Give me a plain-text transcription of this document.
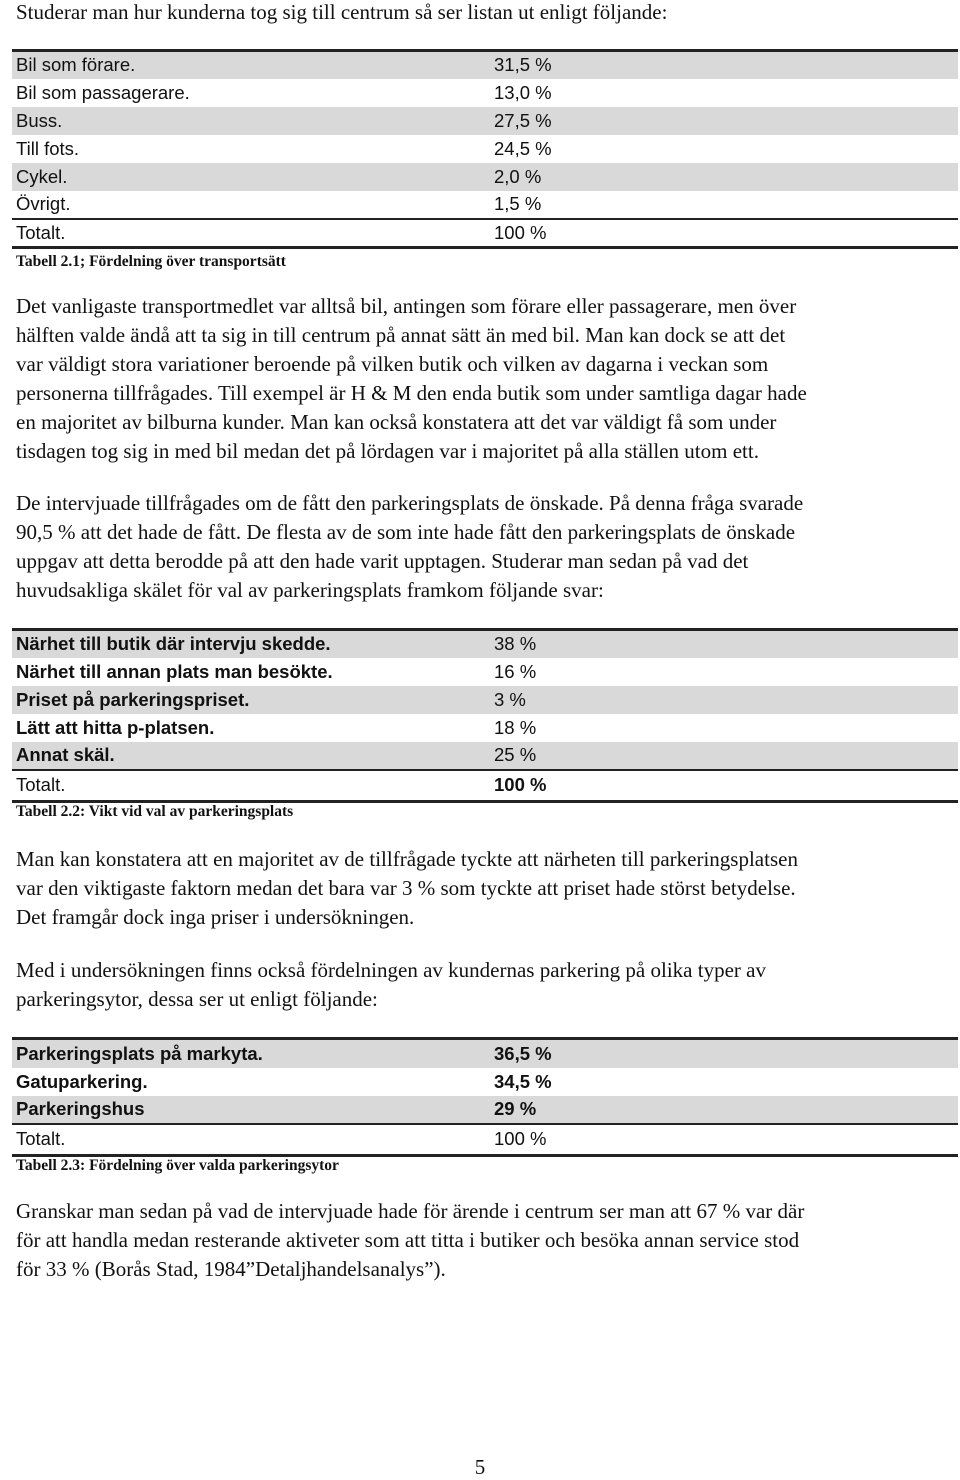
Studerar man hur kunderna tog sig till centrum så ser listan ut enligt följande:
Bil som förare.	31,5 %	
Bil som passagerare.	13,0 %	
Buss.	27,5 %	
Till fots.	24,5 %	
Cykel.	2,0 %	
Övrigt.	1,5 %	
Totalt.	100 %	
Tabell 2.1; Fördelning över transportsätt
Det vanligaste transportmedlet var alltså bil, antingen som förare eller passagerare, men över
hälften valde ändå att ta sig in till centrum på annat sätt än med bil. Man kan dock se att det
var väldigt stora variationer beroende på vilken butik och vilken av dagarna i veckan som
personerna tillfrågades. Till exempel är H & M den enda butik som under samtliga dagar hade
en majoritet av bilburna kunder. Man kan också konstatera att det var väldigt få som under
tisdagen tog sig in med bil medan det på lördagen var i majoritet på alla ställen utom ett.
De intervjuade tillfrågades om de fått den parkeringsplats de önskade. På denna fråga svarade
90,5 % att det hade de fått. De flesta av de som inte hade fått den parkeringsplats de önskade
uppgav att detta berodde på att den hade varit upptagen. Studerar man sedan på vad det
huvudsakliga skälet för val av parkeringsplats framkom följande svar:
Närhet till butik där intervju skedde.	38 %	
Närhet till annan plats man besökte.	16 %	
Priset på parkeringspriset.	3 %	
Lätt att hitta p-platsen.	18 %	
Annat skäl.	25 %	
Totalt.	100 %	
Tabell 2.2: Vikt vid val av parkeringsplats
Man kan konstatera att en majoritet av de tillfrågade tyckte att närheten till parkeringsplatsen
var den viktigaste faktorn medan det bara var 3 % som tyckte att priset hade störst betydelse.
Det framgår dock inga priser i undersökningen.
Med i undersökningen finns också fördelningen av kundernas parkering på olika typer av
parkeringsytor, dessa ser ut enligt följande:
Parkeringsplats på markyta.	36,5 %	
Gatuparkering.	34,5 %	
Parkeringshus	29 %	
Totalt.	100 %	
Tabell 2.3: Fördelning över valda parkeringsytor
Granskar man sedan på vad de intervjuade hade för ärende i centrum ser man att 67 % var där
för att handla medan resterande aktiveter som att titta i butiker och besöka annan service stod
för 33 % (Borås Stad, 1984”Detaljhandelsanalys”).
5
